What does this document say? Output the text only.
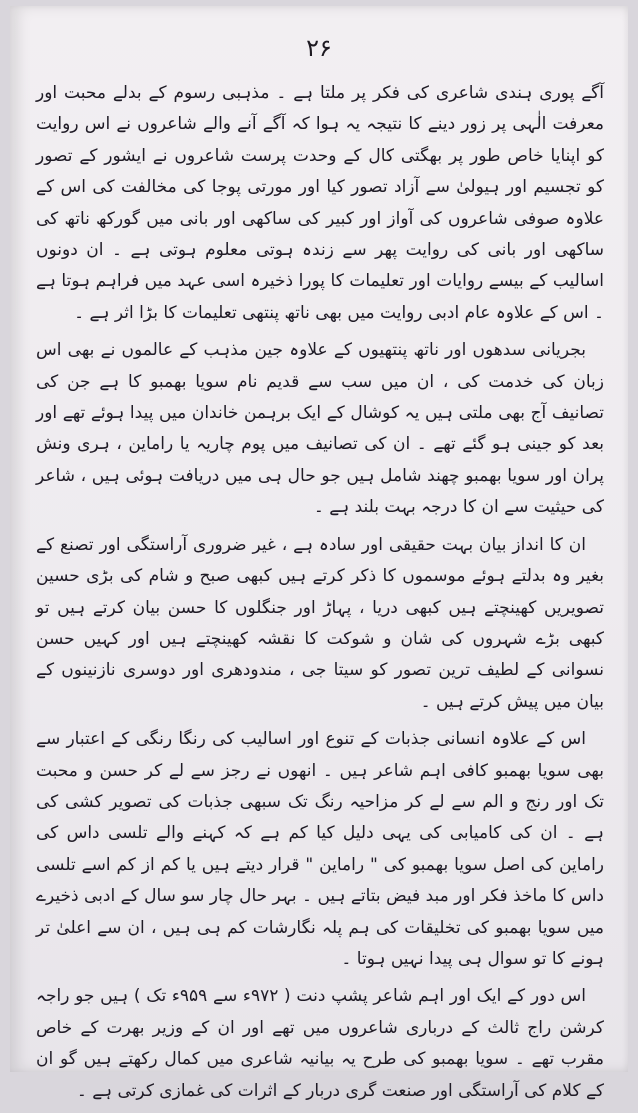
۲۶

آگے پوری ہندی شاعری کی فکر پر ملتا ہے ۔ مذہبی رسوم کے بدلے محبت اور معرفت الٰہی پر زور دینے کا نتیجہ یہ ہوا کہ آگے آنے والے شاعروں نے اس روایت کو اپنایا خاص طور پر بھگتی کال کے وحدت پرست شاعروں نے ایشور کے تصور کو تجسیم اور ہیولیٰ سے آزاد تصور کیا اور مورتی پوجا کی مخالفت کی اس کے علاوہ صوفی شاعروں کی آواز اور کبیر کی ساکھی اور بانی میں گورکھ ناتھ کی ساکھی اور بانی کی روایت پھر سے زندہ ہوتی معلوم ہوتی ہے ۔ ان دونوں اسالیب کے بیسے روایات اور تعلیمات کا پورا ذخیرہ اسی عہد میں فراہم ہوتا ہے ۔ اس کے علاوہ عام ادبی روایت میں بھی ناتھ پنتھی تعلیمات کا بڑا اثر ہے ۔

بجریانی سدھوں اور ناتھ پنتھیوں کے علاوہ جین مذہب کے عالموں نے بھی اس زبان کی خدمت کی ، ان میں سب سے قدیم نام سویا بھمبو کا ہے جن کی تصانیف آج بھی ملتی ہیں یہ کوشال کے ایک برہمن خاندان میں پیدا ہوئے تھے اور بعد کو جینی ہو گئے تھے ۔ ان کی تصانیف میں پوم چاریہ یا راماین ، ہری ونش پران اور سویا بھمبو چھند شامل ہیں جو حال ہی میں دریافت ہوئی ہیں ، شاعر کی حیثیت سے ان کا درجہ بہت بلند ہے ۔

ان کا انداز بیان بہت حقیقی اور سادہ ہے ، غیر ضروری آراستگی اور تصنع کے بغیر وہ بدلتے ہوئے موسموں کا ذکر کرتے ہیں کبھی صبح و شام کی بڑی حسین تصویریں کھینچتے ہیں کبھی دریا ، پہاڑ اور جنگلوں کا حسن بیان کرتے ہیں تو کبھی بڑے شہروں کی شان و شوکت کا نقشہ کھینچتے ہیں اور کہیں حسن نسوانی کے لطیف ترین تصور کو سیتا جی ، مندودھری اور دوسری نازنینوں کے بیان میں پیش کرتے ہیں ۔

اس کے علاوہ انسانی جذبات کے تنوع اور اسالیب کی رنگا رنگی کے اعتبار سے بھی سویا بھمبو کافی اہم شاعر ہیں ۔ انھوں نے رجز سے لے کر حسن و محبت تک اور رنج و الم سے لے کر مزاحیہ رنگ تک سبھی جذبات کی تصویر کشی کی ہے ۔ ان کی کامیابی کی یہی دلیل کیا کم ہے کہ کہنے والے تلسی داس کی راماین کی اصل سویا بھمبو کی " راماین " قرار دیتے ہیں یا کم از کم اسے تلسی داس کا ماخذ فکر اور مبد فیض بتاتے ہیں ۔ بہر حال چار سو سال کے ادبی ذخیرے میں سویا بھمبو کی تخلیقات کی ہم پلہ نگارشات کم ہی ہیں ، ان سے اعلیٰ تر ہونے کا تو سوال ہی پیدا نہیں ہوتا ۔

اس دور کے ایک اور اہم شاعر پشپ دنت ( ۹۷۲ء سے ۹۵۹ء تک ) ہیں جو راجہ کرشن راج ثالث کے درباری شاعروں میں تھے اور ان کے وزیر بھرت کے خاص مقرب تھے ۔ سویا بھمبو کی طرح یہ بیانیہ شاعری میں کمال رکھتے ہیں گو ان کے کلام کی آراستگی اور صنعت گری دربار کے اثرات کی غمازی کرتی ہے ۔
